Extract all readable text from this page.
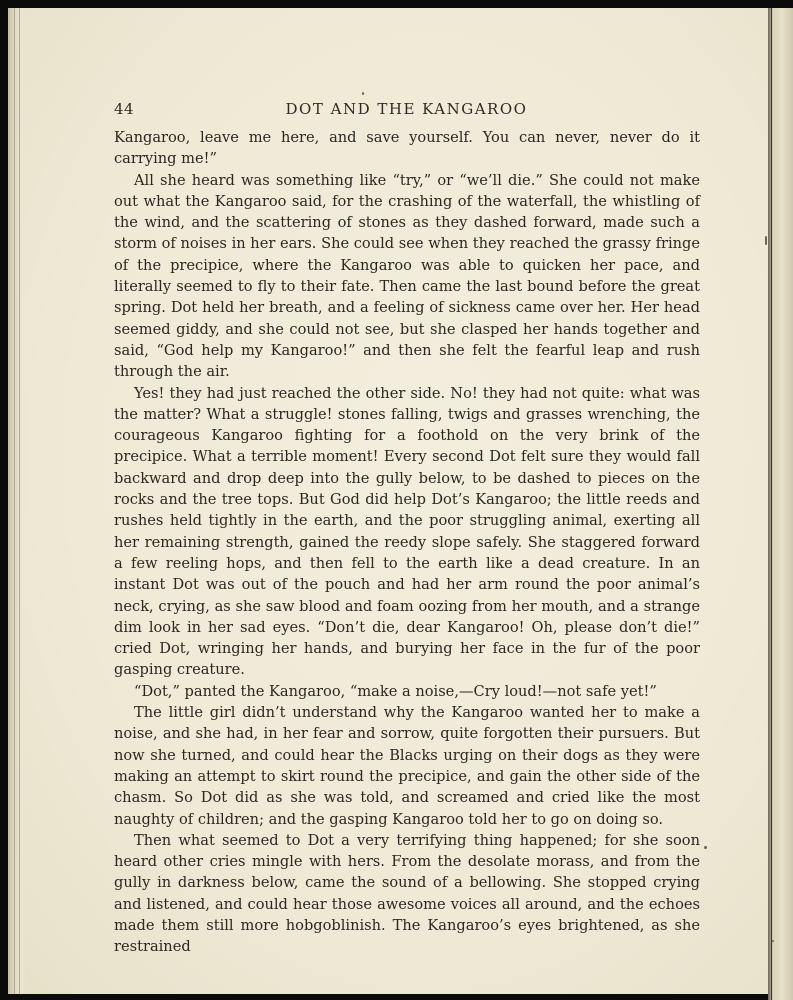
44	DOT AND THE KANGAROO

Kangaroo, leave me here, and save yourself. You can never, never do it carrying me!”

All she heard was something like “try,” or “we’ll die.” She could not make out what the Kangaroo said, for the crashing of the waterfall, the whistling of the wind, and the scattering of stones as they dashed forward, made such a storm of noises in her ears. She could see when they reached the grassy fringe of the precipice, where the Kangaroo was able to quicken her pace, and literally seemed to fly to their fate. Then came the last bound before the great spring. Dot held her breath, and a feeling of sickness came over her. Her head seemed giddy, and she could not see, but she clasped her hands together and said, “God help my Kangaroo!” and then she felt the fearful leap and rush through the air.

Yes! they had just reached the other side. No! they had not quite: what was the matter? What a struggle! stones falling, twigs and grasses wrenching, the courageous Kangaroo fighting for a foothold on the very brink of the precipice. What a terrible moment! Every second Dot felt sure they would fall backward and drop deep into the gully below, to be dashed to pieces on the rocks and the tree tops. But God did help Dot’s Kangaroo; the little reeds and rushes held tightly in the earth, and the poor struggling animal, exerting all her remaining strength, gained the reedy slope safely. She staggered forward a few reeling hops, and then fell to the earth like a dead creature. In an instant Dot was out of the pouch and had her arm round the poor animal’s neck, crying, as she saw blood and foam oozing from her mouth, and a strange dim look in her sad eyes. “Don’t die, dear Kangaroo! Oh, please don’t die!” cried Dot, wringing her hands, and burying her face in the fur of the poor gasping creature.

“Dot,” panted the Kangaroo, “make a noise,—Cry loud!—not safe yet!”

The little girl didn’t understand why the Kangaroo wanted her to make a noise, and she had, in her fear and sorrow, quite forgotten their pursuers. But now she turned, and could hear the Blacks urging on their dogs as they were making an attempt to skirt round the precipice, and gain the other side of the chasm. So Dot did as she was told, and screamed and cried like the most naughty of children; and the gasping Kangaroo told her to go on doing so.

Then what seemed to Dot a very terrifying thing happened; for she soon heard other cries mingle with hers. From the desolate morass, and from the gully in darkness below, came the sound of a bellowing. She stopped crying and listened, and could hear those awesome voices all around, and the echoes made them still more hobgoblinish. The Kangaroo’s eyes brightened, as she restrained
